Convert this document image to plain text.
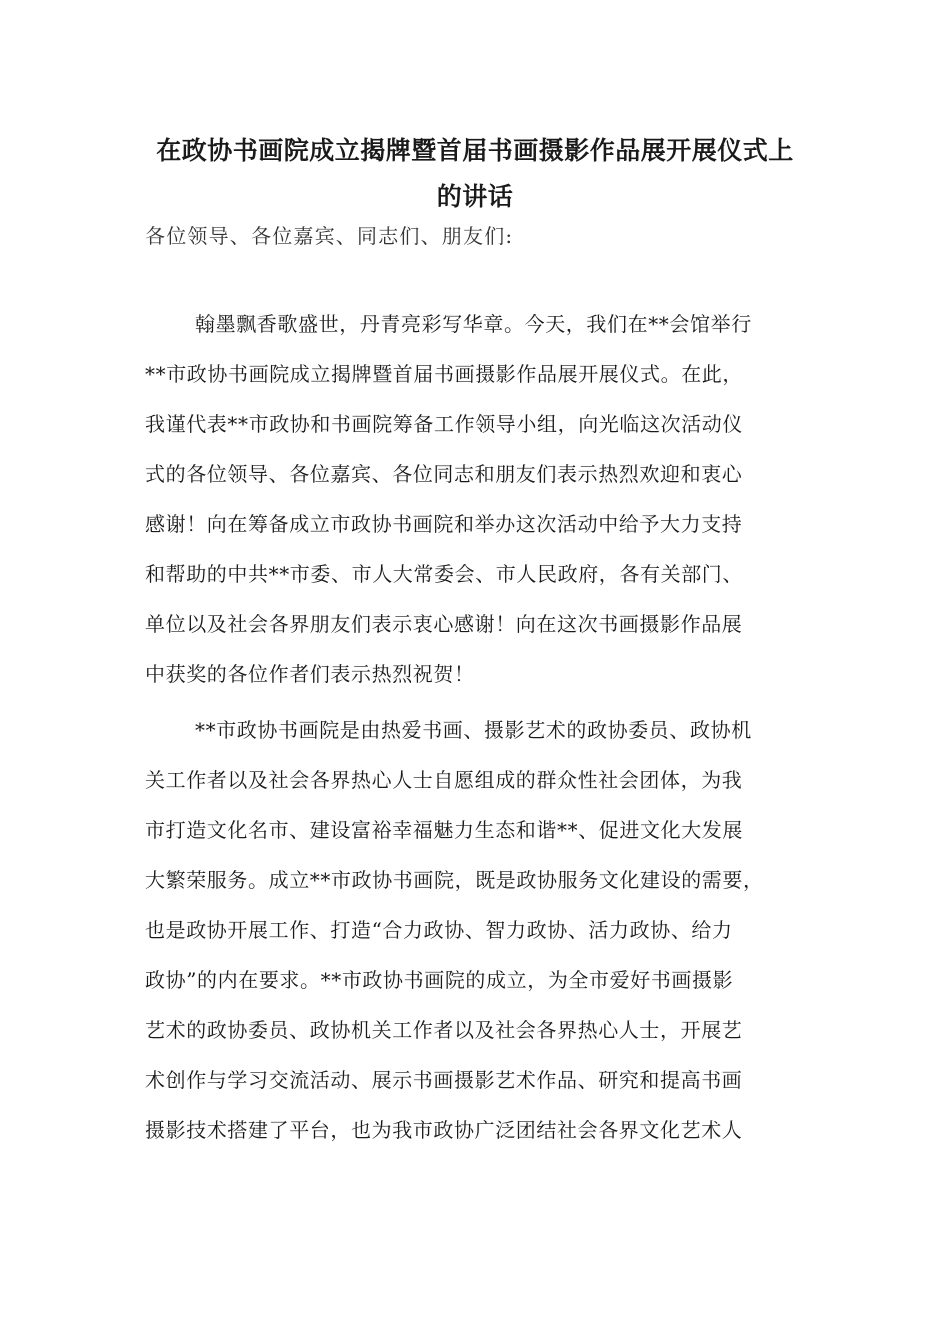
在政协书画院成立揭牌暨首届书画摄影作品展开展仪式上
的讲话

各位领导、各位嘉宾、同志们、朋友们:

翰墨飘香歌盛世，丹青亮彩写华章。今天，我们在**会馆举行
**市政协书画院成立揭牌暨首届书画摄影作品展开展仪式。在此，
我谨代表**市政协和书画院筹备工作领导小组，向光临这次活动仪
式的各位领导、各位嘉宾、各位同志和朋友们表示热烈欢迎和衷心
感谢！向在筹备成立市政协书画院和举办这次活动中给予大力支持
和帮助的中共**市委、市人大常委会、市人民政府，各有关部门、
单位以及社会各界朋友们表示衷心感谢！向在这次书画摄影作品展
中获奖的各位作者们表示热烈祝贺！
**市政协书画院是由热爱书画、摄影艺术的政协委员、政协机
关工作者以及社会各界热心人士自愿组成的群众性社会团体，为我
市打造文化名市、建设富裕幸福魅力生态和谐**、促进文化大发展
大繁荣服务。成立**市政协书画院，既是政协服务文化建设的需要，
也是政协开展工作、打造“合力政协、智力政协、活力政协、给力
政协”的内在要求。**市政协书画院的成立，为全市爱好书画摄影
艺术的政协委员、政协机关工作者以及社会各界热心人士，开展艺
术创作与学习交流活动、展示书画摄影艺术作品、研究和提高书画
摄影技术搭建了平台，也为我市政协广泛团结社会各界文化艺术人
